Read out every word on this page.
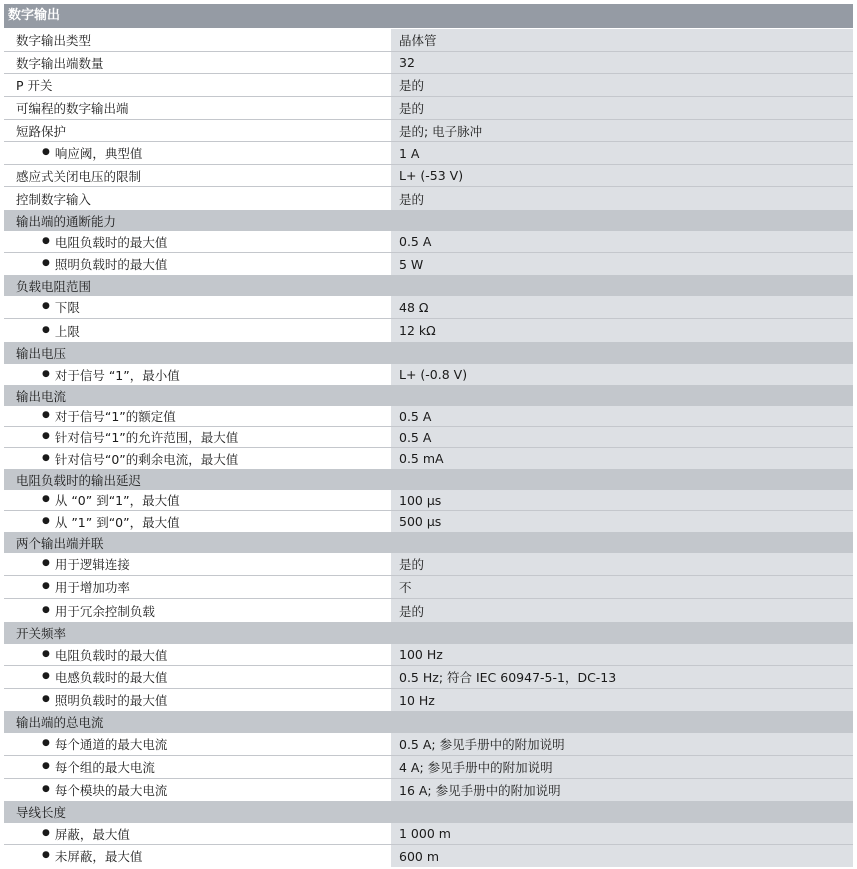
数字输出
数字输出类型	晶体管
数字输出端数量	32
P 开关	是的
可编程的数字输出端	是的
短路保护	是的; 电子脉冲
● 响应阈，典型值	1 A
感应式关闭电压的限制	L+ (-53 V)
控制数字输入	是的
输出端的通断能力
● 电阻负载时的最大值	0.5 A
● 照明负载时的最大值	5 W
负载电阻范围
● 下限	48 Ω
● 上限	12 kΩ
输出电压
● 对于信号 “1”，最小值	L+ (-0.8 V)
输出电流
● 对于信号“1”的额定值	0.5 A
● 针对信号“1”的允许范围，最大值	0.5 A
● 针对信号“0”的剩余电流，最大值	0.5 mA
电阻负载时的输出延迟
● 从 “0” 到“1”，最大值	100 µs
● 从 ”1” 到“0”，最大值	500 µs
两个输出端并联
● 用于逻辑连接	是的
● 用于增加功率	不
● 用于冗余控制负载	是的
开关频率
● 电阻负载时的最大值	100 Hz
● 电感负载时的最大值	0.5 Hz; 符合 IEC 60947-5-1，DC-13
● 照明负载时的最大值	10 Hz
输出端的总电流
● 每个通道的最大电流	0.5 A; 参见手册中的附加说明
● 每个组的最大电流	4 A; 参见手册中的附加说明
● 每个模块的最大电流	16 A; 参见手册中的附加说明
导线长度
● 屏蔽，最大值	1 000 m
● 未屏蔽，最大值	600 m
